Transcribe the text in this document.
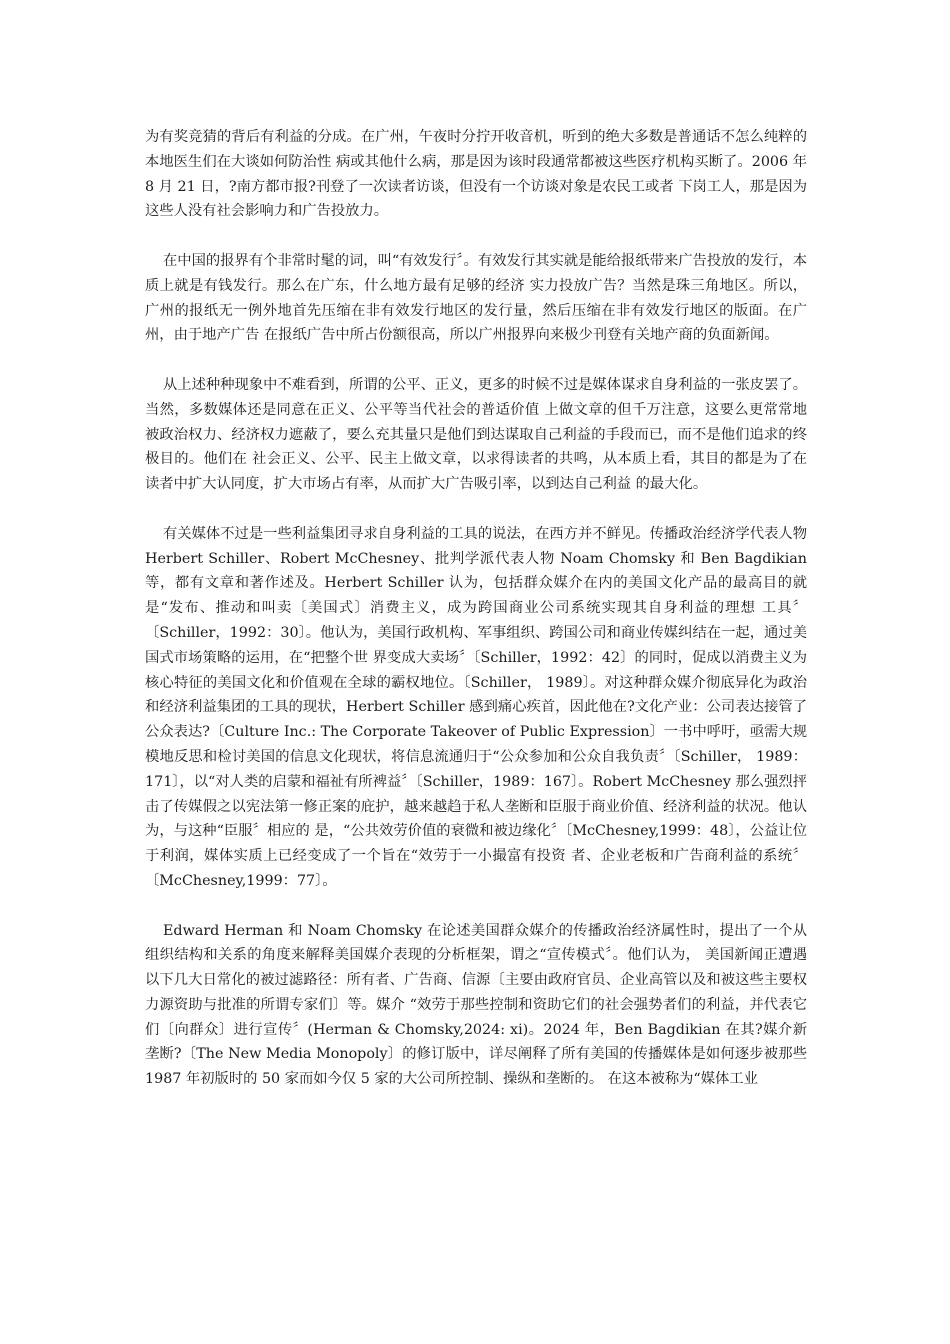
为有奖竞猜的背后有利益的分成。在广州，午夜时分拧开收音机，听到的绝大多数是普通话不怎么纯粹的本地医生们在大谈如何防治性 病或其他什么病，那是因为该时段通常都被这些医疗机构买断了。2006 年 8 月 21 日，?南方都市报?刊登了一次读者访谈，但没有一个访谈对象是农民工或者 下岗工人，那是因为这些人没有社会影响力和广告投放力。

在中国的报界有个非常时髦的词，叫“有效发行〞。有效发行其实就是能给报纸带来广告投放的发行，本质上就是有钱发行。那么在广东，什么地方最有足够的经济 实力投放广告？当然是珠三角地区。所以，广州的报纸无一例外地首先压缩在非有效发行地区的发行量，然后压缩在非有效发行地区的版面。在广州，由于地产广告 在报纸广告中所占份额很高，所以广州报界向来极少刊登有关地产商的负面新闻。

从上述种种现象中不难看到，所谓的公平、正义，更多的时候不过是媒体谋求自身利益的一张皮罢了。当然，多数媒体还是同意在正义、公平等当代社会的普适价值 上做文章的但千万注意，这要么更常常地被政治权力、经济权力遮蔽了，要么充其量只是他们到达谋取自己利益的手段而已，而不是他们追求的终极目的。他们在 社会正义、公平、民主上做文章，以求得读者的共鸣，从本质上看，其目的都是为了在读者中扩大认同度，扩大市场占有率，从而扩大广告吸引率，以到达自己利益 的最大化。

有关媒体不过是一些利益集团寻求自身利益的工具的说法，在西方并不鲜见。传播政治经济学代表人物 Herbert Schiller、Robert McChesney、批判学派代表人物 Noam Chomsky 和 Ben Bagdikian 等，都有文章和著作述及。Herbert Schiller 认为，包括群众媒介在内的美国文化产品的最高目的就是“发布、推动和叫卖〔美国式〕消费主义，成为跨国商业公司系统实现其自身利益的理想 工具〞〔Schiller，1992：30〕。他认为，美国行政机构、军事组织、跨国公司和商业传媒纠结在一起，通过美国式市场策略的运用，在“把整个世 界变成大卖场〞〔Schiller，1992：42〕的同时，促成以消费主义为核心特征的美国文化和价值观在全球的霸权地位。〔Schiller， 1989〕。对这种群众媒介彻底异化为政治和经济利益集团的工具的现状，Herbert Schiller 感到痛心疾首，因此他在?文化产业：公司表达接管了公众表达?〔Culture Inc.: The Corporate Takeover of Public Expression〕一书中呼吁，亟需大规模地反思和检讨美国的信息文化现状，将信息流通归于“公众参加和公众自我负责〞〔Schiller， 1989：171〕，以“对人类的启蒙和福祉有所裨益〞〔Schiller，1989：167〕。Robert McChesney 那么强烈抨击了传媒假之以宪法第一修正案的庇护，越来越趋于私人垄断和臣服于商业价值、经济利益的状况。他认为，与这种“臣服〞相应的 是，“公共效劳价值的衰微和被边缘化〞〔McChesney,1999：48〕，公益让位于利润，媒体实质上已经变成了一个旨在“效劳于一小撮富有投资 者、企业老板和广告商利益的系统〞〔McChesney,1999：77〕。

Edward Herman 和 Noam Chomsky 在论述美国群众媒介的传播政治经济属性时，提出了一个从组织结构和关系的角度来解释美国媒介表现的分析框架，谓之“宣传模式〞。他们认为， 美国新闻正遭遇以下几大日常化的被过滤路径：所有者、广告商、信源〔主要由政府官员、企业高管以及和被这些主要权力源资助与批准的所谓专家们〕等。媒介 “效劳于那些控制和资助它们的社会强势者们的利益，并代表它们〔向群众〕进行宣传〞(Herman & Chomsky,2024: xi)。2024 年，Ben Bagdikian 在其?媒介新垄断?〔The New Media Monopoly〕的修订版中，详尽阐释了所有美国的传播媒体是如何逐步被那些 1987 年初版时的 50 家而如今仅 5 家的大公司所控制、操纵和垄断的。 在这本被称为“媒体工业
